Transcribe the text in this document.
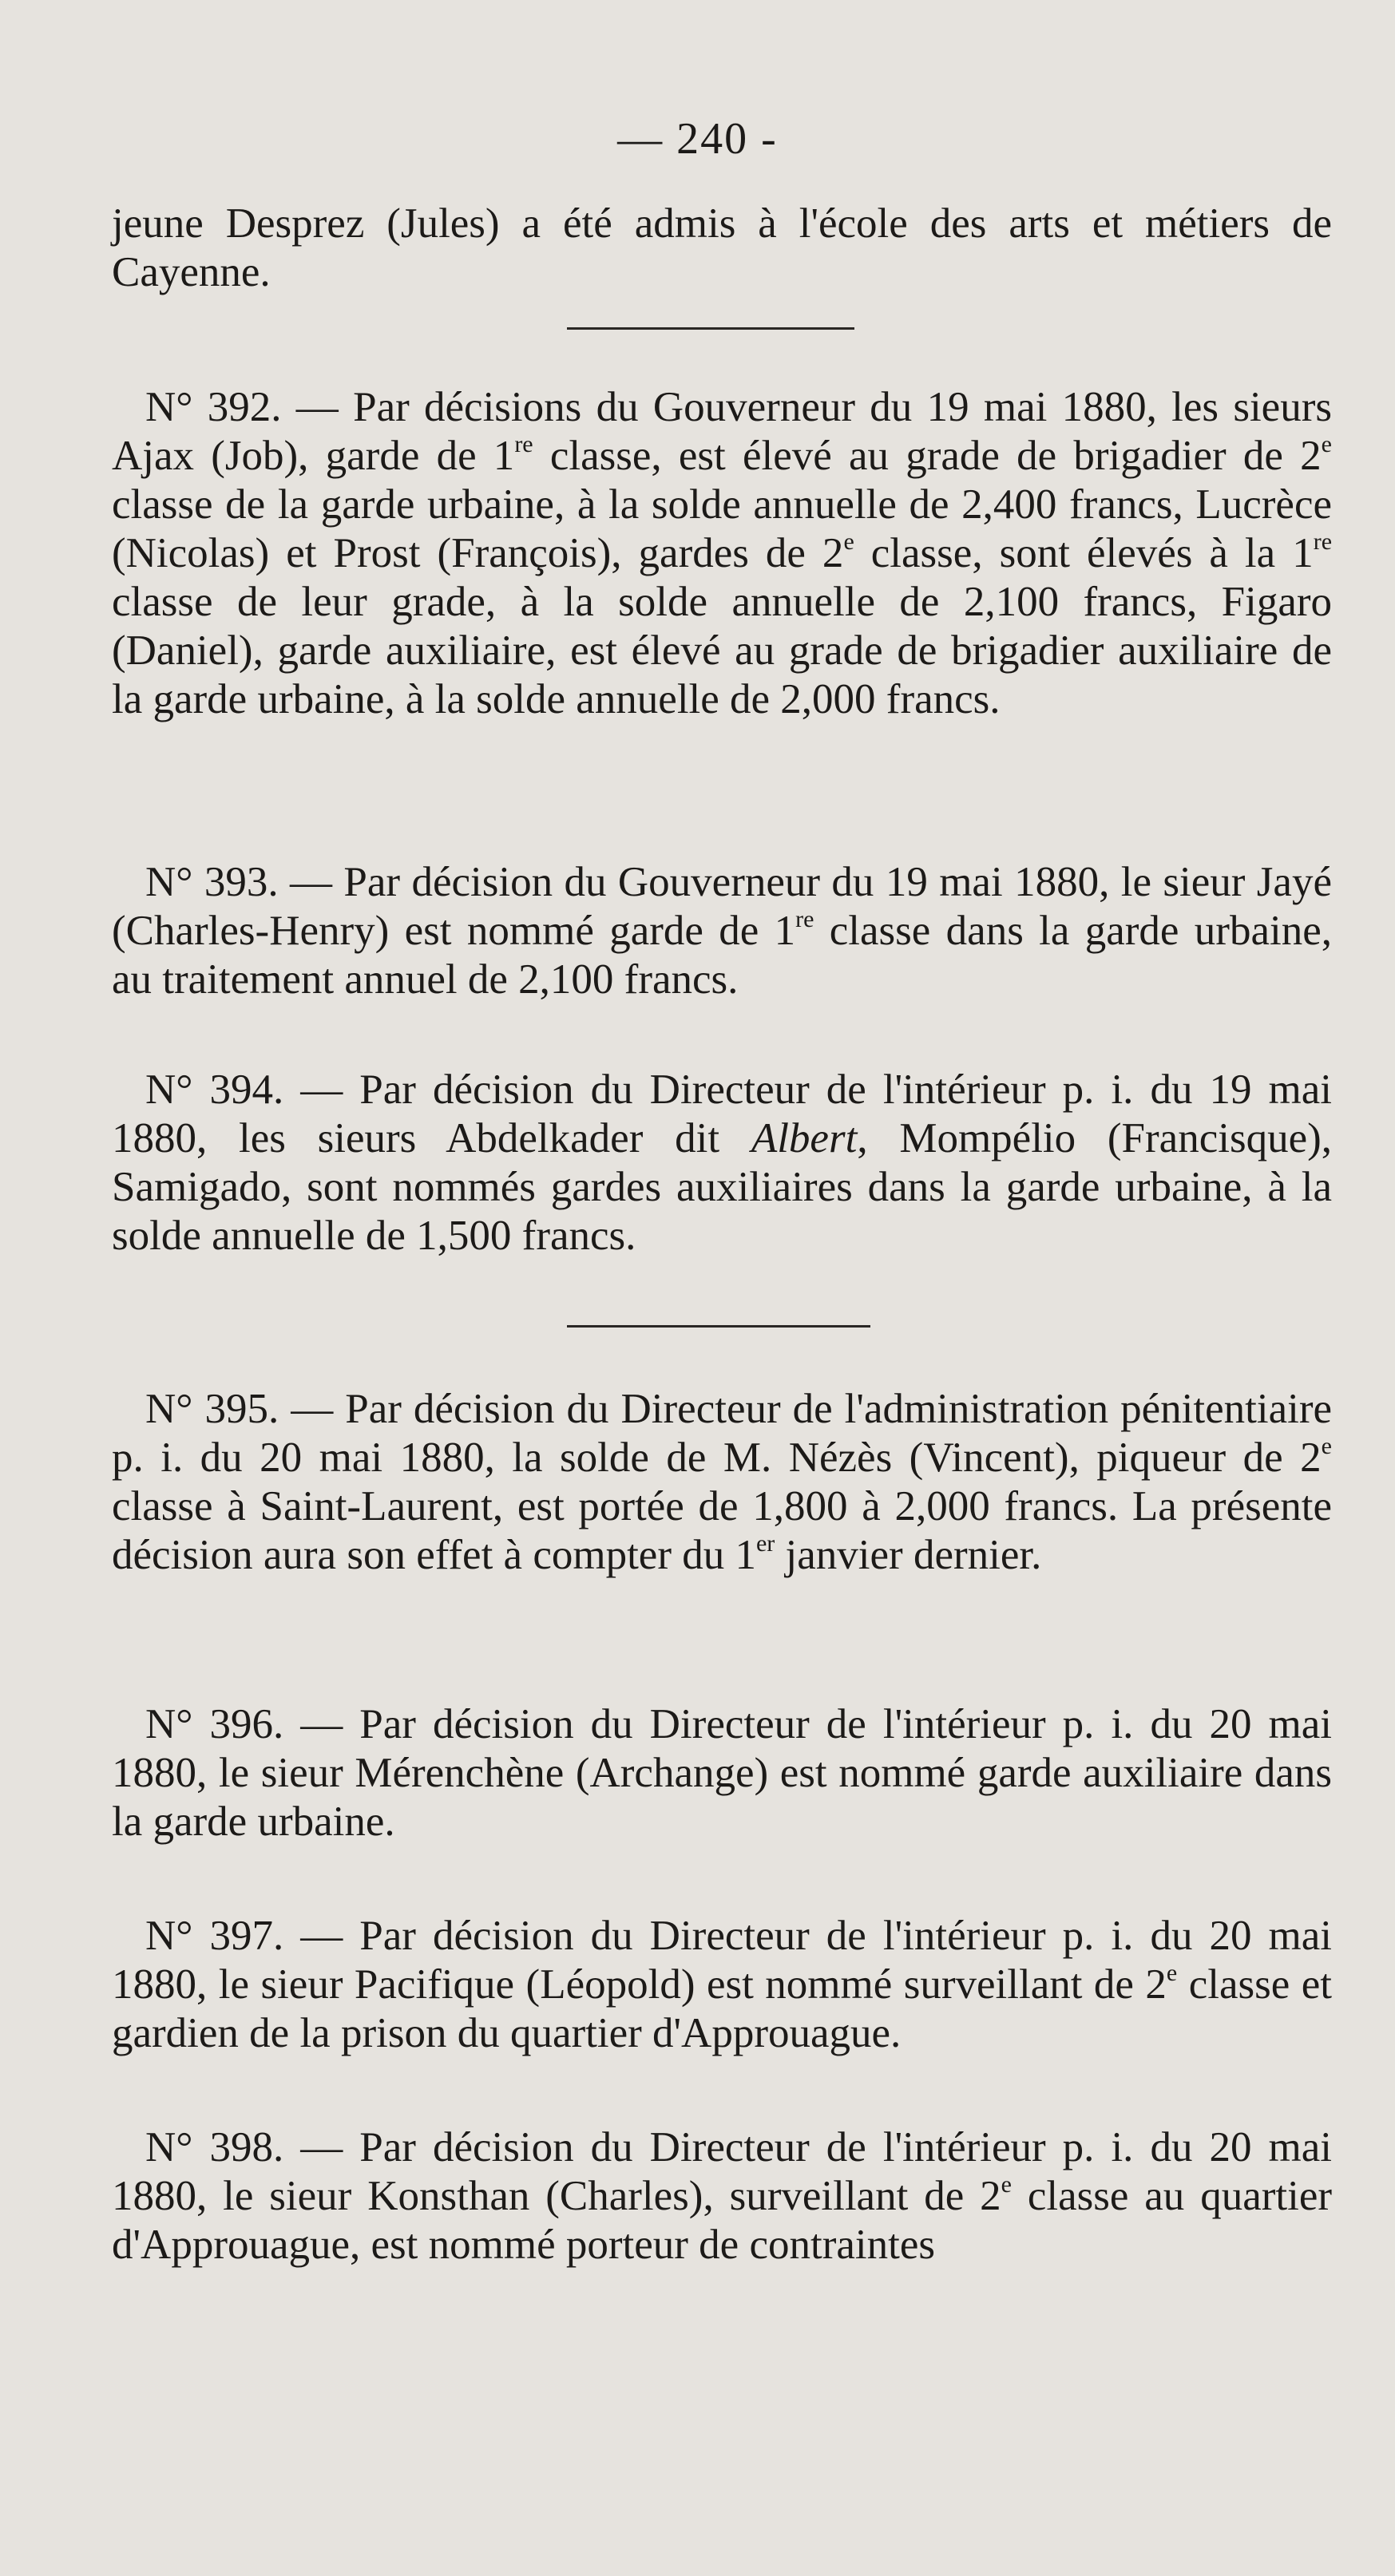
— 240 -

jeune Desprez (Jules) a été admis à l'école des arts et métiers de Cayenne.

N° 392. — Par décisions du Gouverneur du 19 mai 1880, les sieurs Ajax (Job), garde de 1re classe, est élevé au grade de brigadier de 2e classe de la garde urbaine, à la solde annuelle de 2,400 francs, Lucrèce (Nicolas) et Prost (François), gardes de 2e classe, sont élevés à la 1re classe de leur grade, à la solde annuelle de 2,100 francs, Figaro (Daniel), garde auxiliaire, est élevé au grade de brigadier auxiliaire de la garde urbaine, à la solde annuelle de 2,000 francs.

N° 393. — Par décision du Gouverneur du 19 mai 1880, le sieur Jayé (Charles-Henry) est nommé garde de 1re classe dans la garde urbaine, au traitement annuel de 2,100 francs.

N° 394. — Par décision du Directeur de l'intérieur p. i. du 19 mai 1880, les sieurs Abdelkader dit Albert, Mompélio (Francisque), Samigado, sont nommés gardes auxiliaires dans la garde urbaine, à la solde annuelle de 1,500 francs.

N° 395. — Par décision du Directeur de l'administration pénitentiaire p. i. du 20 mai 1880, la solde de M. Nézès (Vincent), piqueur de 2e classe à Saint-Laurent, est portée de 1,800 à 2,000 francs. La présente décision aura son effet à compter du 1er janvier dernier.

N° 396. — Par décision du Directeur de l'intérieur p. i. du 20 mai 1880, le sieur Mérenchène (Archange) est nommé garde auxiliaire dans la garde urbaine.

N° 397. — Par décision du Directeur de l'intérieur p. i. du 20 mai 1880, le sieur Pacifique (Léopold) est nommé surveillant de 2e classe et gardien de la prison du quartier d'Approuague.

N° 398. — Par décision du Directeur de l'intérieur p. i. du 20 mai 1880, le sieur Konsthan (Charles), surveillant de 2e classe au quartier d'Approuague, est nommé porteur de contraintes
